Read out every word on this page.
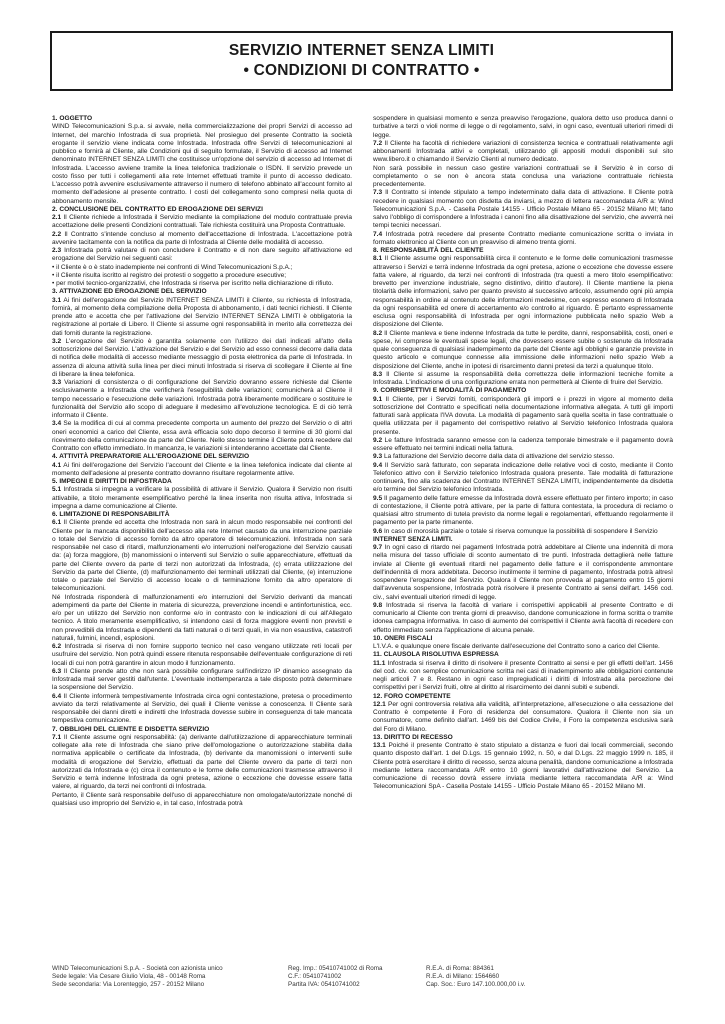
SERVIZIO INTERNET SENZA LIMITI
• CONDIZIONI DI CONTRATTO •
1. OGGETTO

WIND Telecomunicazioni S.p.a. si avvale, nella commercializzazione dei propri Servizi di accesso ad Internet, del marchio Infostrada di sua proprietà. Nel prosieguo del presente Contratto la società erogante il servizio viene indicata come Infostrada. Infostrada offre Servizi di telecomunicazioni al pubblico e fornirà al Cliente, alle Condizioni qui di seguito formulate, il Servizio di accesso ad Internet denominato INTERNET SENZA LIMITI che costituisce un'opzione del servizio di accesso ad Internet di Infostrada. L'accesso avviene tramite la linea telefonica tradizionale o ISDN. Il servizio prevede un costo fisso per tutti i collegamenti alla rete Internet effettuati tramite il punto di accesso dedicato. L'accesso potrà avvenire esclusivamente attraverso il numero di telefono abbinato all'account fornito al momento dell'adesione al presente contratto. I costi del collegamento sono compresi nella quota di abbonamento mensile.

2. CONCLUSIONE DEL CONTRATTO ED EROGAZIONE DEI SERVIZI

2.1 Il Cliente richiede a Infostrada il Servizio mediante la compilazione del modulo contrattuale previa accettazione delle presenti Condizioni contrattuali. Tale richiesta costituirà una Proposta Contrattuale.

2.2 Il Contratto s'intende concluso al momento dell'accettazione di Infostrada. L'accettazione potrà avvenire tacitamente con la notifica da parte di Infostrada al Cliente delle modalità di accesso.

2.3 Infostrada potrà valutare di non concludere il Contratto e di non dare seguito all'attivazione ed erogazione del Servizio nei seguenti casi:

• il Cliente è o è stato inadempiente nei confronti di Wind Telecomunicazioni S.p.A.;

• il Cliente risulta iscritto al registro dei protesti o soggetto a procedure esecutive;

• per motivi tecnico-organizzativi, che Infostrada si riserva per iscritto nella dichiarazione di rifiuto.

3. ATTIVAZIONE ED EROGAZIONE DEL SERVIZIO

3.1 Ai fini dell'erogazione del Servizio INTERNET SENZA LIMITI il Cliente, su richiesta di Infostrada, fornirà, al momento della compilazione della Proposta di abbonamento, i dati tecnici richiesti. Il Cliente prende atto e accetta che per l'attivazione del Servizio INTERNET SENZA LIMITI è obbligatoria la registrazione al portale di Libero. Il Cliente si assume ogni responsabilità in merito alla correttezza dei dati forniti durante la registrazione.

3.2 L'erogazione del Servizio è garantita solamente con l'utilizzo dei dati indicati all'atto della sottoscrizione del Servizio. L'attivazione del Servizio e del Servizio ad esso connessi decorre dalla data di notifica delle modalità di accesso mediante messaggio di posta elettronica da parte di Infostrada. In assenza di alcuna attività sulla linea per dieci minuti Infostrada si riserva di scollegare il Cliente al fine di liberare la linea telefonica.

3.3 Variazioni di consistenza o di configurazione del Servizio dovranno essere richieste dal Cliente esclusivamente a Infostrada che verificherà l'eseguibilità delle variazioni; comunicherà al Cliente il tempo necessario e l'esecuzione delle variazioni. Infostrada potrà liberamente modificare o sostituire le funzionalità del Servizio allo scopo di adeguare il medesimo all'evoluzione tecnologica. E di ciò terrà informato il Cliente.

3.4 Se la modifica di cui al comma precedente comporta un aumento del prezzo del Servizio o di altri oneri economici a carico del Cliente, essa avrà efficacia solo dopo decorso il termine di 30 giorni dal ricevimento della comunicazione da parte del Cliente. Nello stesso termine il Cliente potrà recedere dal Contratto con effetto immediato. In mancanza, le variazioni si intenderanno accettate dal Cliente.

4. ATTIVITÀ PREPARATORIE ALL'EROGAZIONE DEL SERVIZIO

4.1 Ai fini dell'erogazione del Servizio l'account del Cliente e la linea telefonica indicate dal cliente al momento dell'adesione al presente contratto dovranno risultare regolarmente attive.

5. IMPEGNI E DIRITTI DI INFOSTRADA

5.1 Infostrada si impegna a verificare la possibilità di attivare il Servizio. Qualora il Servizio non risulti attivabile, a titolo meramente esemplificativo perché la linea inserita non risulta attiva, Infostrada si impegna a darne comunicazione al Cliente.

6. LIMITAZIONE DI RESPONSABILITÀ

6.1 Il Cliente prende ed accetta che Infostrada non sarà in alcun modo responsabile nei confronti del Cliente per la mancata disponibilità dell'accesso alla rete Internet causato da una interruzione parziale o totale del Servizio di accesso fornito da altro operatore di telecomunicazioni. Infostrada non sarà responsabile nel caso di ritardi, malfunzionamenti e/o interruzioni nell'erogazione del Servizio causati da: (a) forza maggiore, (b) manomissioni o interventi sul Servizio o sulle apparecchiature, effettuati da parte del Cliente ovvero da parte di terzi non autorizzati da Infostrada, (c) errata utilizzazione del Servizio da parte del Cliente, (d) malfunzionamento dei terminali utilizzati dal Cliente, (e) interruzione totale o parziale del Servizio di accesso locale o di terminazione fornito da altro operatore di telecomunicazioni.

Né Infostrada risponderà di malfunzionamenti e/o interruzioni del Servizio derivanti da mancati adempimenti da parte del Cliente in materia di sicurezza, prevenzione incendi e antinfortunistica, ecc. e/o per un utilizzo del Servizio non conforme e/o in contrasto con le indicazioni di cui all'Allegato tecnico. A titolo meramente esemplificativo, si intendono casi di forza maggiore eventi non previsti e non prevedibili da Infostrada e dipendenti da fatti naturali o di terzi quali, in via non esaustiva, catastrofi naturali, fulmini, incendi, esplosioni.

6.2 Infostrada si riserva di non fornire supporto tecnico nel caso vengano utilizzate reti locali per usufruire del servizio. Non potrà quindi essere ritenuta responsabile dell'eventuale configurazione di reti locali di cui non potrà garantire in alcun modo il funzionamento.

6.3 Il Cliente prende atto che non sarà possibile configurare sull'indirizzo IP dinamico assegnato da Infostrada mail server gestiti dall'utente. L'eventuale inottemperanza a tale disposto potrà determinare la sospensione del Servizio.

6.4 Il Cliente informerà tempestivamente Infostrada circa ogni contestazione, pretesa o procedimento avviato da terzi relativamente al Servizio, dei quali il Cliente venisse a conoscenza. Il Cliente sarà responsabile dei danni diretti e indiretti che Infostrada dovesse subire in conseguenza di tale mancata tempestiva comunicazione.

7. OBBLIGHI DEL CLIENTE E DISDETTA SERVIZIO

7.1 Il Cliente assume ogni responsabilità: (a) derivante dall'utilizzazione di apparecchiature terminali collegate alla rete di Infostrada che siano prive dell'omologazione o autorizzazione stabilita dalla normativa applicabile o certificate da Infostrada, (b) derivante da manomissioni o interventi sulle modalità di erogazione del Servizio, effettuati da parte del Cliente ovvero da parte di terzi non autorizzati da Infostrada e (c) circa il contenuto e le forme delle comunicazioni trasmesse attraverso il Servizio e terrà indenne Infostrada da ogni pretesa, azione o eccezione che dovesse essere fatta valere, al riguardo, da terzi nei confronti di Infostrada.

Pertanto, il Cliente sarà responsabile dell'uso di apparecchiature non omologate/autorizzate nonché di qualsiasi uso improprio del Servizio e, in tal caso, Infostrada potrà

sospendere in qualsiasi momento e senza preavviso l'erogazione, qualora detto uso produca danni o turbative a terzi o violi norme di legge o di regolamento, salvi, in ogni caso, eventuali ulteriori rimedi di legge.

7.2 Il Cliente ha facoltà di richiedere variazioni di consistenza tecnica e contrattuali relativamente agli abbonamenti Infostrada attivi e completati, utilizzando gli appositi moduli disponibili sul sito www.libero.it o chiamando il Servizio Clienti al numero dedicato.

Non sarà possibile in nessun caso gestire variazioni contrattuali se il Servizio è in corso di completamento o se non è ancora stata conclusa una variazione contrattuale richiesta precedentemente.

7.3 Il Contratto si intende stipulato a tempo indeterminato dalla data di attivazione. Il Cliente potrà recedere in qualsiasi momento con disdetta da inviarsi, a mezzo di lettera raccomandata A/R a: Wind Telecomunicazioni S.p.A. - Casella Postale 14155 - Ufficio Postale Milano 65 - 20152 Milano MI; fatto salvo l'obbligo di corrispondere a Infostrada i canoni fino alla disattivazione del servizio, che avverrà nei tempi tecnici necessari.

7.4 Infostrada potrà recedere dal presente Contratto mediante comunicazione scritta o inviata in formato elettronico al Cliente con un preavviso di almeno trenta giorni.

8. RESPONSABILITÀ DEL CLIENTE

8.1 Il Cliente assume ogni responsabilità circa il contenuto e le forme delle comunicazioni trasmesse attraverso i Servizi e terrà indenne Infostrada da ogni pretesa, azione o eccezione che dovesse essere fatta valere, al riguardo, da terzi nei confronti di Infostrada (tra questi a mero titolo esemplificativo: brevetto per invenzione industriale, segno distintivo, diritto d'autore). Il Cliente mantiene la piena titolarità delle informazioni, salvo per quanto previsto al successivo articolo, assumendo ogni più ampia responsabilità in ordine al contenuto delle informazioni medesime, con espresso esonero di Infostrada da ogni responsabilità ed onere di accertamento e/o controllo al riguardo. È pertanto espressamente esclusa ogni responsabilità di Infostrada per ogni informazione pubblicata nello spazio Web a disposizione del Cliente.

8.2 Il Cliente manleva e tiene indenne Infostrada da tutte le perdite, danni, responsabilità, costi, oneri e spese, ivi comprese le eventuali spese legali, che dovessero essere subite o sostenute da Infostrada quale conseguenza di qualsiasi inadempimento da parte del Cliente agli obblighi e garanzie previste in questo articolo e comunque connesse alla immissione delle informazioni nello spazio Web a disposizione del Cliente, anche in ipotesi di risarcimento danni pretesi da terzi a qualunque titolo.

8.3 Il Cliente si assume la responsabilità della correttezza delle informazioni tecniche fornite a Infostrada. L'indicazione di una configurazione errata non permetterà al Cliente di fruire del Servizio.

9. CORRISPETTIVI E MODALITÀ DI PAGAMENTO

9.1 Il Cliente, per i Servizi forniti, corrisponderà gli importi e i prezzi in vigore al momento della sottoscrizione del Contratto e specificati nella documentazione informativa allegata. A tutti gli importi fatturati sarà applicata l'IVA dovuta. La modalità di pagamento sarà quella scelta in fase contrattuale o quella utilizzata per il pagamento del corrispettivo relativo al Servizio telefonico Infostrada qualora presente.

9.2 Le fatture Infostrada saranno emesse con la cadenza temporale bimestrale e il pagamento dovrà essere effettuato nei termini indicati nella fattura.

9.3 La fatturazione del Servizio decorre dalla data di attivazione del servizio stesso.

9.4 Il Servizio sarà fatturato, con separata indicazione delle relative voci di costo, mediante il Conto Telefonico attivo con il Servizio telefonico Infostrada qualora presente. Tale modalità di fatturazione continuerà, fino alla scadenza del Contratto INTERNET SENZA LIMITI, indipendentemente da disdetta e/o termine del Servizio telefonico Infostrada.

9.5 Il pagamento delle fatture emesse da Infostrada dovrà essere effettuato per l'intero importo; in caso di contestazione, il Cliente potrà attivare, per la parte di fattura contestata, la procedura di reclamo o qualsiasi altro strumento di tutela previsto da norme legali e regolamentari, effettuando regolarmente il pagamento per la parte rimanente.

9.6 In caso di morosità parziale o totale si riserva comunque la possibilità di sospendere il Servizio

INTERNET SENZA LIMITI.

9.7 In ogni caso di ritardo nei pagamenti Infostrada potrà addebitare al Cliente una indennità di mora nella misura del tasso ufficiale di sconto aumentato di tre punti. Infostrada dettaglierà nelle fatture inviate al Cliente gli eventuali ritardi nel pagamento delle fatture e il corrispondente ammontare dell'indennità di mora addebitata. Decorso inutilmente il termine di pagamento, Infostrada potrà altresì sospendere l'erogazione del Servizio. Qualora il Cliente non provveda al pagamento entro 15 giorni dall'avvenuta sospensione, Infostrada potrà risolvere il presente Contratto ai sensi dell'art. 1456 cod. civ., salvi eventuali ulteriori rimedi di legge.

9.8 Infostrada si riserva la facoltà di variare i corrispettivi applicabili al presente Contratto e di comunicarlo al Cliente con trenta giorni di preavviso, dandone comunicazione in forma scritta o tramite idonea campagna informativa. In caso di aumento dei corrispettivi il Cliente avrà facoltà di recedere con effetto immediato senza l'applicazione di alcuna penale.

10. ONERI FISCALI

L'I.V.A. e qualunque onere fiscale derivante dall'esecuzione del Contratto sono a carico del Cliente.

11. CLAUSOLA RISOLUTIVA ESPRESSA

11.1 Infostrada si riserva il diritto di risolvere il presente Contratto ai sensi e per gli effetti dell'art. 1456 del cod. civ. con semplice comunicazione scritta nei casi di inadempimento alle obbligazioni contenute negli articoli 7 e 8. Restano in ogni caso impregiudicati i diritti di Infostrada alla percezione dei corrispettivi per i Servizi fruiti, oltre al diritto al risarcimento dei danni subiti e subendi.

12. FORO COMPETENTE

12.1 Per ogni controversia relativa alla validità, all'interpretazione, all'esecuzione o alla cessazione del Contratto è competente il Foro di residenza del consumatore. Qualora il Cliente non sia un consumatore, come definito dall'art. 1469 bis del Codice Civile, il Foro la competenza esclusiva sarà del Foro di Milano.

13. DIRITTO DI RECESSO

13.1 Poiché il presente Contratto è stato stipulato a distanza e fuori dai locali commerciali, secondo quanto disposto dall'art. 1 del D.Lgs. 15 gennaio 1992, n. 50, e dal D.Lgs. 22 maggio 1999 n. 185, il Cliente potrà esercitare il diritto di recesso, senza alcuna penalità, dandone comunicazione a Infostrada mediante lettera raccomandata A/R entro 10 giorni lavorativi dall'attivazione del Servizio. La comunicazione di recesso dovrà essere inviata mediante lettera raccomandata A/R a: Wind Telecomunicazioni SpA - Casella Postale 14155 - Ufficio Postale Milano 65 - 20152 Milano MI.

WIND Telecomunicazioni S.p.A. - Società con azionista unico

Sede legale: Via Cesare Giulio Viola, 48 - 00148 Roma

Sede secondaria: Via Lorenteggio, 257 - 20152 Milano

Reg. Imp.: 05410741002 di Roma

C.F.: 05410741002

Partita IVA: 05410741002

R.E.A. di Roma: 884361

R.E.A. di Milano: 1564660

Cap. Soc.: Euro 147.100.000,00 i.v.
